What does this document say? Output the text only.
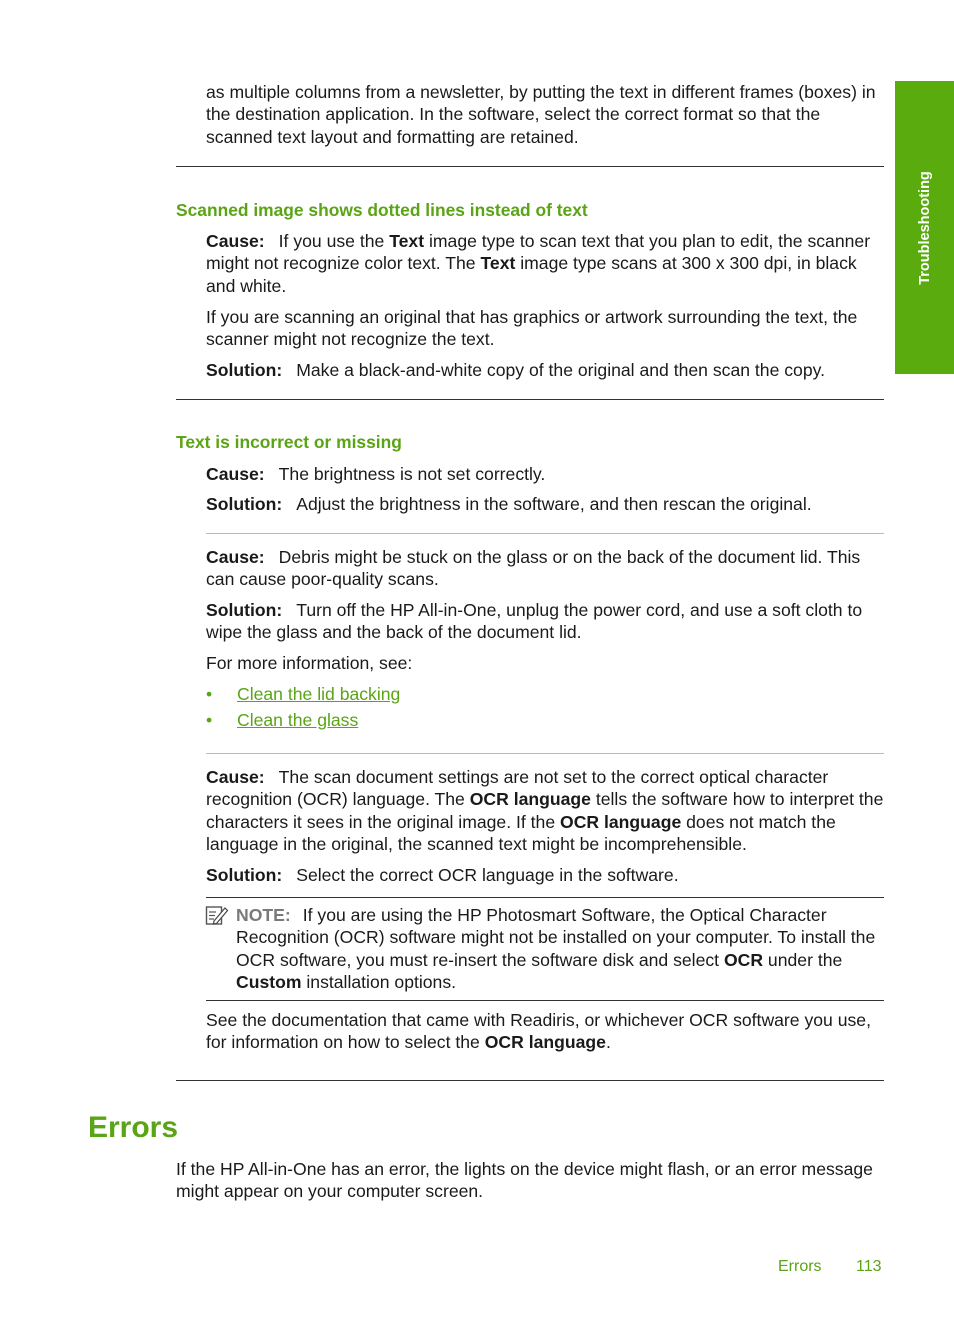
Troubleshooting
as multiple columns from a newsletter, by putting the text in different frames (boxes) in the destination application. In the software, select the correct format so that the scanned text layout and formatting are retained.
Scanned image shows dotted lines instead of text
Cause: If you use the Text image type to scan text that you plan to edit, the scanner might not recognize color text. The Text image type scans at 300 x 300 dpi, in black and white.
If you are scanning an original that has graphics or artwork surrounding the text, the scanner might not recognize the text.
Solution: Make a black-and-white copy of the original and then scan the copy.
Text is incorrect or missing
Cause: The brightness is not set correctly.
Solution: Adjust the brightness in the software, and then rescan the original.
Cause: Debris might be stuck on the glass or on the back of the document lid. This can cause poor-quality scans.
Solution: Turn off the HP All-in-One, unplug the power cord, and use a soft cloth to wipe the glass and the back of the document lid.
For more information, see:
• Clean the lid backing
• Clean the glass
Cause: The scan document settings are not set to the correct optical character recognition (OCR) language. The OCR language tells the software how to interpret the characters it sees in the original image. If the OCR language does not match the language in the original, the scanned text might be incomprehensible.
Solution: Select the correct OCR language in the software.
NOTE: If you are using the HP Photosmart Software, the Optical Character Recognition (OCR) software might not be installed on your computer. To install the OCR software, you must re-insert the software disk and select OCR under the Custom installation options.
See the documentation that came with Readiris, or whichever OCR software you use, for information on how to select the OCR language.
Errors
If the HP All-in-One has an error, the lights on the device might flash, or an error message might appear on your computer screen.
Errors 113
